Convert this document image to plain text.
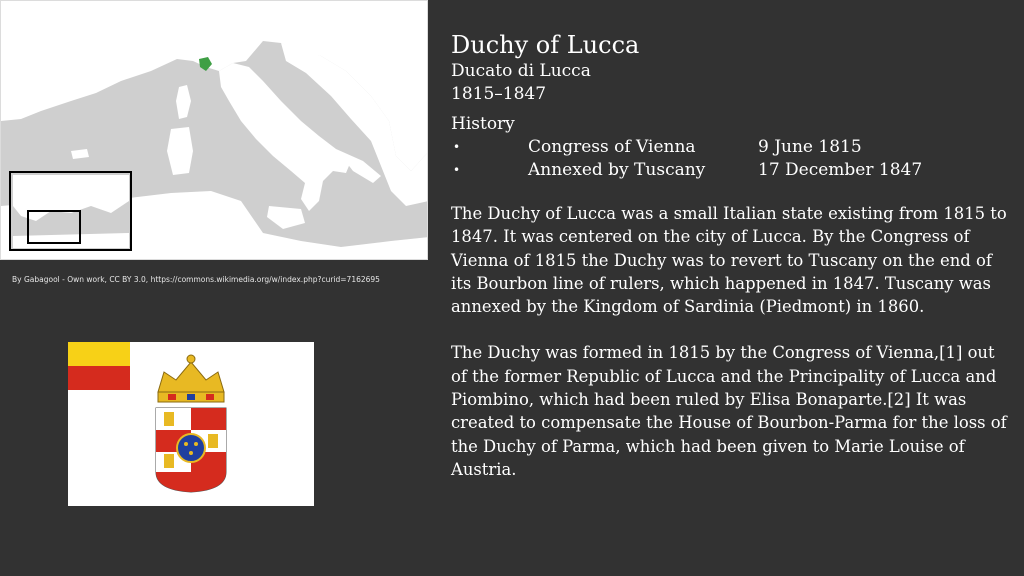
By Gabagool - Own work, CC BY 3.0, https://commons.wikimedia.org/w/index.php?curid=7162695
Duchy of Lucca
Ducato di Lucca
1815–1847
History
•	Congress of Vienna	9 June 1815
•	Annexed by Tuscany	17 December 1847

The Duchy of Lucca was a small Italian state existing from 1815 to 1847. It was centered on the city of Lucca. By the Congress of Vienna of 1815 the Duchy was to revert to Tuscany on the end of its Bourbon line of rulers, which happened in 1847. Tuscany was annexed by the Kingdom of Sardinia (Piedmont) in 1860.

The Duchy was formed in 1815 by the Congress of Vienna,[1] out of the former Republic of Lucca and the Principality of Lucca and Piombino, which had been ruled by Elisa Bonaparte.[2] It was created to compensate the House of Bourbon-Parma for the loss of the Duchy of Parma, which had been given to Marie Louise of Austria.
